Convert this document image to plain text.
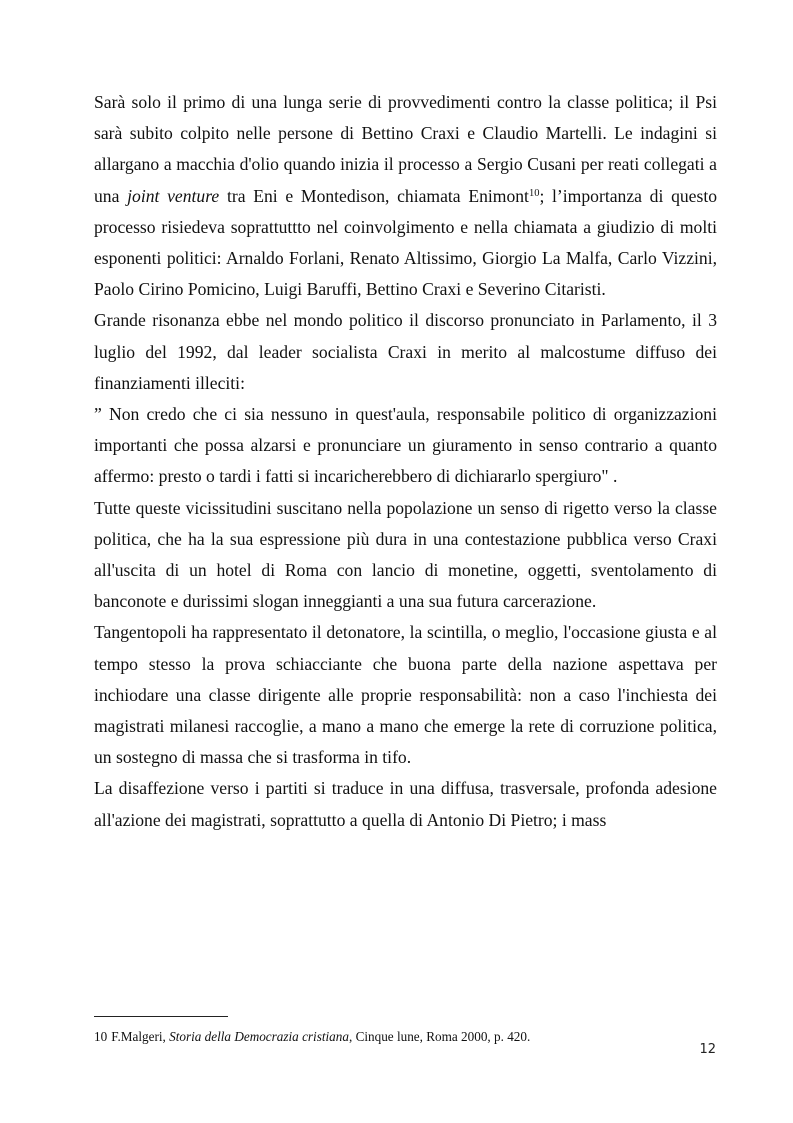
Sarà solo il primo di una lunga serie di provvedimenti contro la classe politica; il Psi sarà subito colpito nelle persone di Bettino Craxi e Claudio Martelli. Le indagini si allargano a macchia d'olio quando inizia il processo a Sergio Cusani per reati collegati a una joint venture tra Eni e Montedison, chiamata Enimont$^{10}$; l’importanza di questo processo risiedeva soprattuttto nel coinvolgimento e nella chiamata a giudizio di molti esponenti politici: Arnaldo Forlani, Renato Altissimo, Giorgio La Malfa, Carlo Vizzini, Paolo Cirino Pomicino, Luigi Baruffi, Bettino Craxi e Severino Citaristi.

Grande risonanza ebbe nel mondo politico il discorso pronunciato in Parlamento, il 3 luglio del 1992, dal leader socialista Craxi in merito al malcostume diffuso dei finanziamenti illeciti:

” Non credo che ci sia nessuno in quest'aula, responsabile politico di organizzazioni importanti che possa alzarsi e pronunciare un giuramento in senso contrario a quanto affermo: presto o tardi i fatti si incaricherebbero di dichiararlo spergiuro" .

Tutte queste vicissitudini suscitano nella popolazione un senso di rigetto verso la classe politica, che ha la sua espressione più dura in una contestazione pubblica verso Craxi all'uscita di un hotel di Roma con lancio di monetine, oggetti, sventolamento di banconote e durissimi slogan inneggianti a una sua futura carcerazione.

Tangentopoli ha rappresentato il detonatore, la scintilla, o meglio, l'occasione giusta e al tempo stesso la prova schiacciante che buona parte della nazione aspettava per inchiodare una classe dirigente alle proprie responsabilità: non a caso l'inchiesta dei magistrati milanesi raccoglie, a mano a mano che emerge la rete di corruzione politica, un sostegno di massa che si trasforma in tifo.

La disaffezione verso i partiti si traduce in una diffusa, trasversale, profonda adesione all'azione dei magistrati, soprattutto a quella di Antonio Di Pietro; i mass

10 F.Malgeri, Storia della Democrazia cristiana, Cinque lune, Roma 2000, p. 420.
12
